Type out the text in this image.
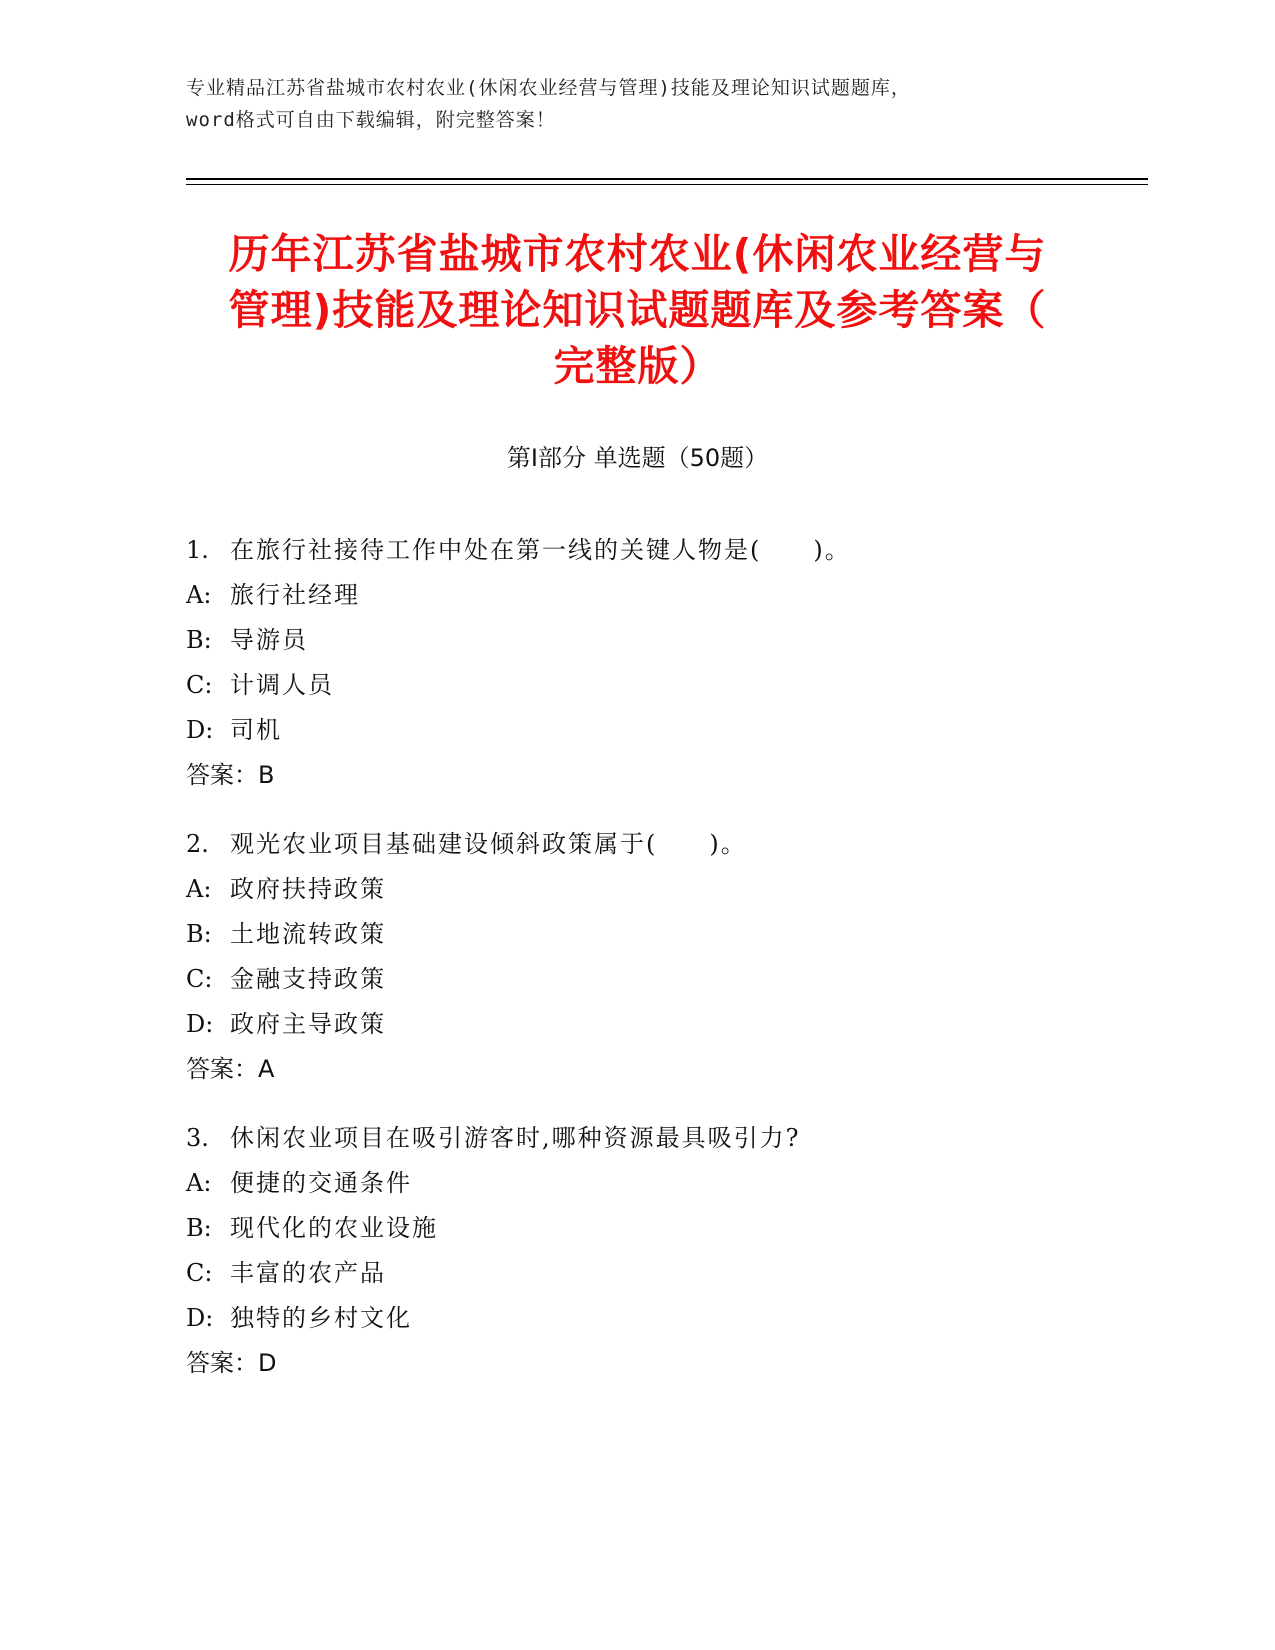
专业精品江苏省盐城市农村农业(休闲农业经营与管理)技能及理论知识试题题库，
word格式可自由下载编辑，附完整答案！
历年江苏省盐城市农村农业(休闲农业经营与
管理)技能及理论知识试题题库及参考答案（
完整版）
第Ⅰ部分 单选题（50题）
1. 在旅行社接待工作中处在第一线的关键人物是(　　)。
A: 旅行社经理
B: 导游员
C: 计调人员
D: 司机
答案：B
2. 观光农业项目基础建设倾斜政策属于(　　)。
A: 政府扶持政策
B: 土地流转政策
C: 金融支持政策
D: 政府主导政策
答案：A
3. 休闲农业项目在吸引游客时,哪种资源最具吸引力?
A: 便捷的交通条件
B: 现代化的农业设施
C: 丰富的农产品
D: 独特的乡村文化
答案：D
